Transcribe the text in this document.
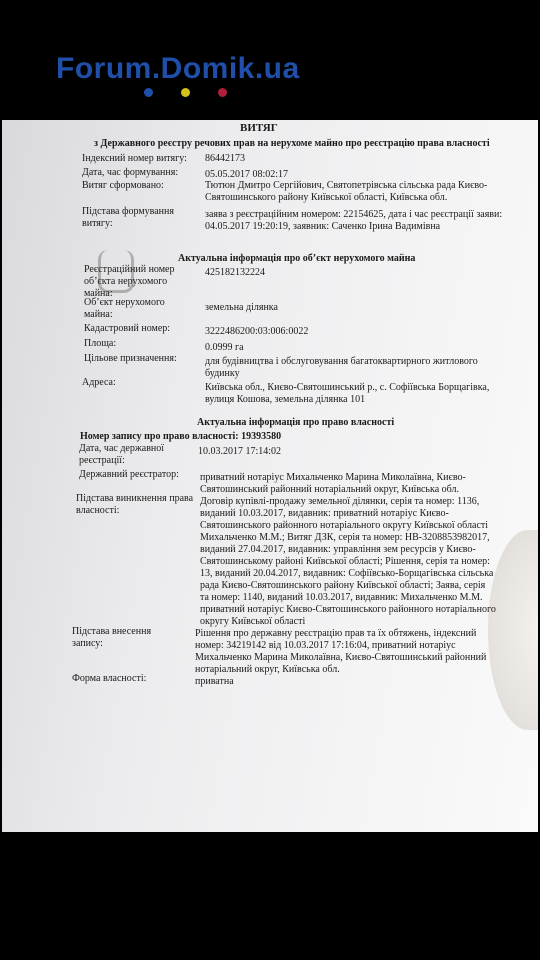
Forum.Domik.ua
ВИТЯГ
з Державного реєстру речових прав на нерухоме майно про реєстрацію права власності
Індексний номер витягу: 86442173
Дата, час формування:	05.05.2017 08:02:17
Витяг сформовано:	Тютюн Дмитро Сергійович, Святопетрівська сільська рада Києво-Святошинського району Київської області, Київська обл.
Підстава формування витягу:
заява з реєстраційним номером: 22154625, дата і час реєстрації заяви: 04.05.2017 19:20:19, заявник: Саченко Ірина Вадимівна
Актуальна інформація про об’єкт нерухомого майна
Реєстраційний номер об’єкта нерухомого майна:
425182132224
Об’єкт нерухомого майна:
земельна ділянка
Кадастровий номер:	3222486200:03:006:0022
Площа:	0.0999 га
Цільове призначення:	для будівництва і обслуговування багатоквартирного житлового будинку
Адреса:	Київська обл., Києво-Святошинський р., с. Софіївська Борщагівка, вулиця Кошова, земельна ділянка 101
Актуальна інформація про право власності
Номер запису про право власності: 19393580
Дата, час державної реєстрації:
10.03.2017 17:14:02
Державний реєстратор: приватний нотаріус Михальченко Марина Миколаївна, Києво-Святошинський районний нотаріальний округ, Київська обл.
Підстава виникнення права власності:
Договір купівлі-продажу земельної ділянки, серія та номер: 1136, виданий 10.03.2017, видавник: приватний нотаріус Києво-Святошинського районного нотаріального округу Київської області Михальченко М.М.; Витяг ДЗК, серія та номер: НВ-3208853982017, виданий 27.04.2017, видавник: управління зем ресурсів у Києво-Святошинському районі Київської області; Рішення, серія та номер: 13, виданий 20.04.2017, видавник: Софіївсько-Борщагівська сільська рада Києво-Святошинського району Київської області; Заява, серія та номер: 1140, виданий 10.03.2017, видавник: Михальченко М.М. приватний нотаріус Києво-Святошинського районного нотаріального округу Київської області
Підстава внесення запису:
Рішення про державну реєстрацію прав та їх обтяжень, індексний номер: 34219142 від 10.03.2017 17:16:04, приватний нотаріус Михальченко Марина Миколаївна, Києво-Святошинський районний нотаріальний округ, Київська обл.
Форма власності:	приватна
